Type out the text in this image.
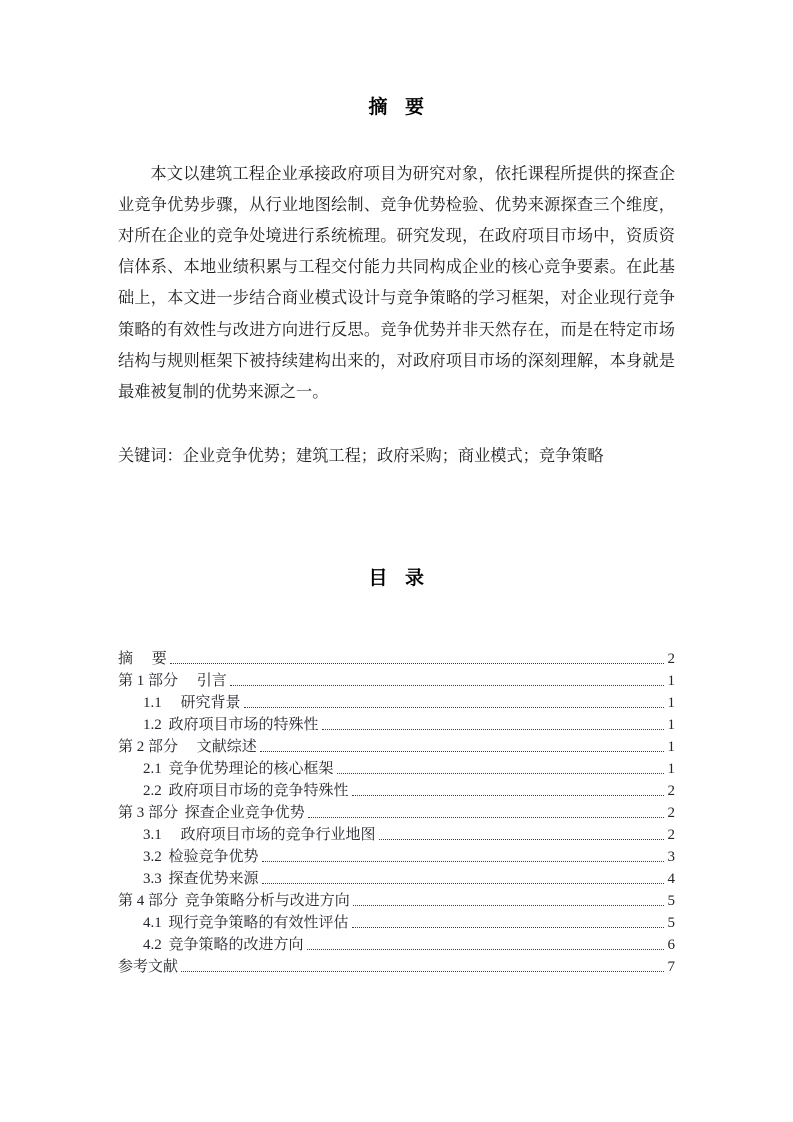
摘 要

本文以建筑工程企业承接政府项目为研究对象，依托课程所提供的探查企业竞争优势步骤，从行业地图绘制、竞争优势检验、优势来源探查三个维度，对所在企业的竞争处境进行系统梳理。研究发现，在政府项目市场中，资质资信体系、本地业绩积累与工程交付能力共同构成企业的核心竞争要素。在此基础上，本文进一步结合商业模式设计与竞争策略的学习框架，对企业现行竞争策略的有效性与改进方向进行反思。竞争优势并非天然存在，而是在特定市场结构与规则框架下被持续建构出来的，对政府项目市场的深刻理解，本身就是最难被复制的优势来源之一。

关键词：企业竞争优势；建筑工程；政府采购；商业模式；竞争策略

目 录
摘 要	2
第 1 部分 引言	1
1.1 研究背景	1
1.2 政府项目市场的特殊性	1
第 2 部分 文献综述	1
2.1 竞争优势理论的核心框架	1
2.2 政府项目市场的竞争特殊性	2
第 3 部分 探查企业竞争优势	2
3.1 政府项目市场的竞争行业地图	2
3.2 检验竞争优势	3
3.3 探查优势来源	4
第 4 部分 竞争策略分析与改进方向	5
4.1 现行竞争策略的有效性评估	5
4.2 竞争策略的改进方向	6
参考文献	7
